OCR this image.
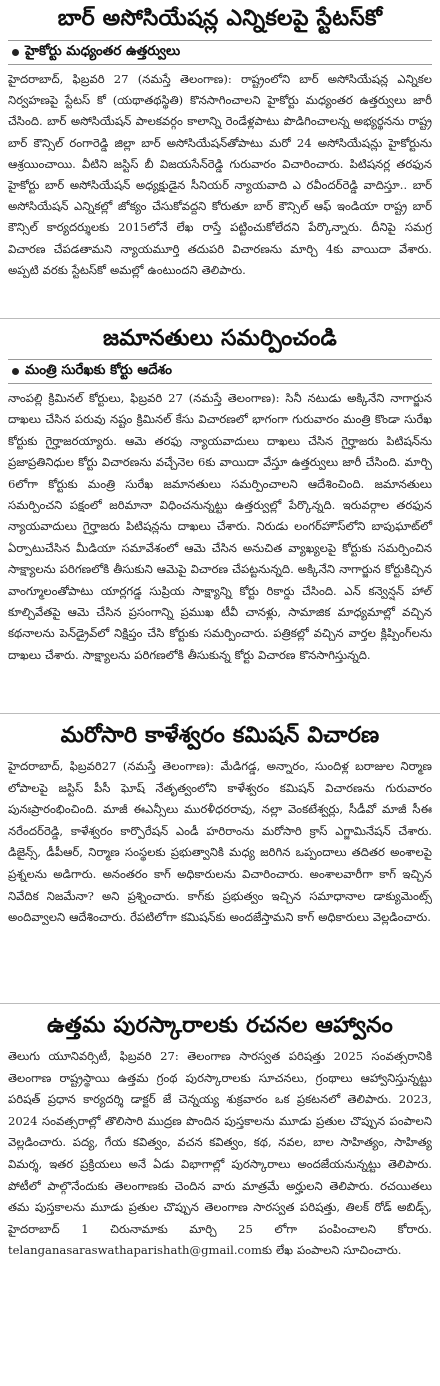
బార్ అసోసియేషన్ల ఎన్నికలపై స్టేటస్‌కో
హైకోర్టు మధ్యంతర ఉత్తర్వులు

హైదరాబాద్, ఫిబ్రవరి 27 (నమస్తే తెలంగాణ): రాష్ట్రంలోని బార్ అసోసియేషన్ల ఎన్నికల నిర్వహణపై స్టేటస్ కో (యథాతథస్థితి) కొనసాగించాలని హైకోర్టు మధ్యంతర ఉత్తర్వులు జారీ చేసింది. బార్ అసోసియేషన్ పాలకవర్గం కాలాన్ని రెండేళ్లపాటు పొడిగించాలన్న అభ్యర్థనను రాష్ట్ర బార్ కౌన్సిల్ రంగారెడ్డి జిల్లా బార్ అసోసియేషన్‌తోపాటు మరో 24 అసోసియేషన్లు హైకోర్టును ఆశ్రయించాయి. వీటిని జస్టిస్ బీ విజయసేన్‌రెడ్డి గురువారం విచారించారు. పిటిషనర్ల తరఫున హైకోర్టు బార్ అసోసియేషన్ అధ్యక్షుడైన సీనియర్ న్యాయవాది ఎ రవీందర్‌రెడ్డి వాదిస్తూ.. బార్ అసోసియేషన్ ఎన్నికల్లో జోక్యం చేసుకోవద్దని కోరుతూ బార్ కౌన్సిల్ ఆఫ్ ఇండియా రాష్ట్ర బార్ కౌన్సిల్ కార్యదర్శులకు 2015లోనే లేఖ రాస్తే పట్టించుకోలేదని పేర్కొన్నారు. దీనిపై సమగ్ర విచారణ చేపడతామని న్యాయమూర్తి తదుపరి విచారణను మార్చి 4కు వాయిదా వేశారు. అప్పటి వరకు స్టేటస్‌కో అమల్లో ఉంటుందని తెలిపారు.

జమానతులు సమర్పించండి
మంత్రి సురేఖకు కోర్టు ఆదేశం

నాంపల్లి క్రిమినల్ కోర్టులు, ఫిబ్రవరి 27 (నమస్తే తెలంగాణ): సినీ నటుడు అక్కినేని నాగార్జున దాఖలు చేసిన పరువు నష్టం క్రిమినల్ కేసు విచారణలో భాగంగా గురువారం మంత్రి కొండా సురేఖ కోర్టుకు గైర్హాజరయ్యారు. ఆమె తరఫు న్యాయవాదులు దాఖలు చేసిన గైర్హాజరు పిటిషన్‌ను ప్రజాప్రతినిధుల కోర్టు విచారణను వచ్చేనెల 6కు వాయిదా వేస్తూ ఉత్తర్వులు జారీ చేసింది. మార్చి 6లోగా కోర్టుకు మంత్రి సురేఖ జమానతులు సమర్పించాలని ఆదేశించింది. జమానతులు సమర్పించని పక్షంలో జరిమానా విధించనున్నట్టు ఉత్తర్వుల్లో పేర్కొన్నది. ఇరువర్గాల తరఫున న్యాయవాదులు గైర్హాజరు పిటిషన్లను దాఖలు చేశారు. నిరుడు లంగర్‌హౌస్‌లోని బాపుఘాట్‌లో ఏర్పాటుచేసిన మీడియా సమావేశంలో ఆమె చేసిన అనుచిత వ్యాఖ్యలపై కోర్టుకు సమర్పించిన సాక్ష్యాలను పరిగణలోకి తీసుకుని ఆమెపై విచారణ చేపట్టనున్నది. అక్కినేని నాగార్జున కోర్టుకిచ్చిన వాంగ్మూలంతోపాటు యార్లగడ్డ సుప్రియ సాక్ష్యాన్ని కోర్టు రికార్డు చేసింది. ఎన్ కన్వెన్షన్ హాల్ కూల్చివేతపై ఆమె చేసిన ప్రసంగాన్ని ప్రముఖ టీవీ చానళ్లు, సామాజిక మాధ్యమాల్లో వచ్చిన కథనాలను పెన్‌డ్రైవ్‌లో నిక్షిప్తం చేసి కోర్టుకు సమర్పించారు. పత్రికల్లో వచ్చిన వార్తల క్లిప్పింగ్‌లను దాఖలు చేశారు. సాక్ష్యాలను పరిగణలోకి తీసుకున్న కోర్టు విచారణ కొనసాగిస్తున్నది.

మరోసారి కాళేశ్వరం కమిషన్ విచారణ

హైదరాబాద్, ఫిబ్రవరి27 (నమస్తే తెలంగాణ): మేడిగడ్డ, అన్నారం, సుందిళ్ల బరాజుల నిర్మాణ లోపాలపై జస్టిస్ పీసీ ఘోష్ నేతృత్వంలోని కాళేశ్వరం కమిషన్ విచారణను గురువారం పునఃప్రారంభించింది. మాజీ ఈఎన్సీలు మురళీధరరావు, నల్లా వెంకటేశ్వర్లు, సీడీవో మాజీ సీఈ నరేందర్‌రెడ్డి, కాళేశ్వరం కార్పొరేషన్ ఎండీ హరిరాంను మరోసారి క్రాస్ ఎగ్జామినేషన్ చేశారు. డిజైన్స్, డీపీఆర్, నిర్మాణ సంస్థలకు ప్రభుత్వానికి మధ్య జరిగిన ఒప్పందాలు తదితర అంశాలపై ప్రశ్నలను అడిగారు. అనంతరం కాగ్ అధికారులను విచారించారు. అంశాలవారీగా కాగ్ ఇచ్చిన నివేదిక నిజమేనా? అని ప్రశ్నించారు. కాగ్‌కు ప్రభుత్వం ఇచ్చిన సమాధానాల డాక్యుమెంట్స్ అందివ్వాలని ఆదేశించారు. రేపటిలోగా కమిషన్‌కు అందజేస్తామని కాగ్ అధికారులు వెల్లడించారు.

ఉత్తమ పురస్కారాలకు రచనల ఆహ్వానం

తెలుగు యూనివర్సిటీ, ఫిబ్రవరి 27: తెలంగాణ సారస్వత పరిషత్తు 2025 సంవత్సరానికి తెలంగాణ రాష్ట్రస్థాయి ఉత్తమ గ్రంథ పురస్కారాలకు సూచనలు, గ్రంథాలు ఆహ్వానిస్తున్నట్టు పరిషత్ ప్రధాన కార్యదర్శి డాక్టర్ జే చెన్నయ్య శుక్రవారం ఒక ప్రకటనలో తెలిపారు. 2023, 2024 సంవత్సరాల్లో తొలిసారి ముద్రణ పొందిన పుస్తకాలను మూడు ప్రతుల చొప్పున పంపాలని వెల్లడించారు. పద్య, గేయ కవిత్వం, వచన కవిత్వం, కథ, నవల, బాల సాహిత్యం, సాహిత్య విమర్శ, ఇతర ప్రక్రియలు అనే ఏడు విభాగాల్లో పురస్కారాలు అందజేయనున్నట్టు తెలిపారు. పోటీలో పాల్గొనేందుకు తెలంగాణకు చెందిన వారు మాత్రమే అర్హులని తెలిపారు. రచయితలు తమ పుస్తకాలను మూడు ప్రతుల చొప్పున తెలంగాణ సారస్వత పరిషత్తు, తిలక్ రోడ్ అబిడ్స్, హైదరాబాద్ 1 చిరునామాకు మార్చి 25 లోగా పంపించాలని కోరారు. telanganasaraswathaparishath@gmail.comకు లేఖ పంపాలని సూచించారు.
